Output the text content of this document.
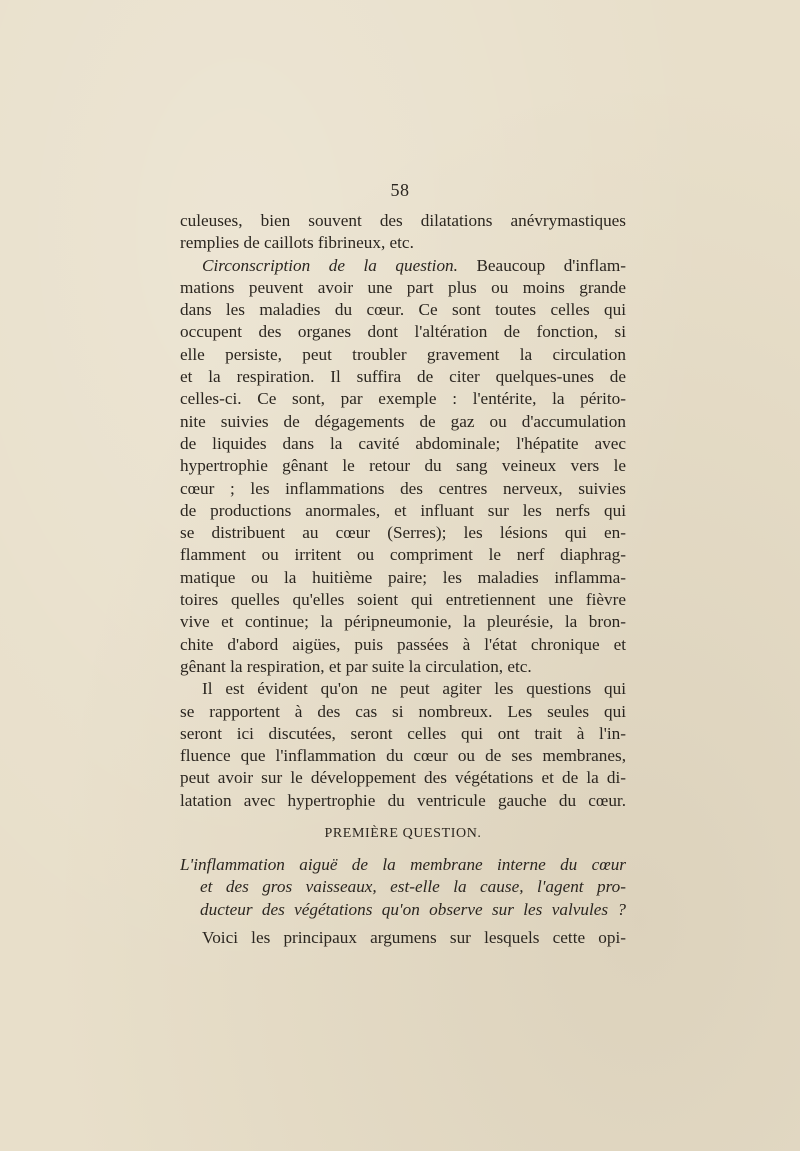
58
culeuses, bien souvent des dilatations anévrymastiques
remplies de caillots fibrineux, etc.
Circonscription de la question. Beaucoup d'inflam-
mations peuvent avoir une part plus ou moins grande
dans les maladies du cœur. Ce sont toutes celles qui
occupent des organes dont l'altération de fonction, si
elle persiste, peut troubler gravement la circulation
et la respiration. Il suffira de citer quelques-unes de
celles-ci. Ce sont, par exemple : l'entérite, la périto-
nite suivies de dégagements de gaz ou d'accumulation
de liquides dans la cavité abdominale; l'hépatite avec
hypertrophie gênant le retour du sang veineux vers le
cœur ; les inflammations des centres nerveux, suivies
de productions anormales, et influant sur les nerfs qui
se distribuent au cœur (Serres); les lésions qui en-
flamment ou irritent ou compriment le nerf diaphrag-
matique ou la huitième paire; les maladies inflamma-
toires quelles qu'elles soient qui entretiennent une fièvre
vive et continue; la péripneumonie, la pleurésie, la bron-
chite d'abord aigües, puis passées à l'état chronique et
gênant la respiration, et par suite la circulation, etc.
Il est évident qu'on ne peut agiter les questions qui
se rapportent à des cas si nombreux. Les seules qui
seront ici discutées, seront celles qui ont trait à l'in-
fluence que l'inflammation du cœur ou de ses membranes,
peut avoir sur le développement des végétations et de la di-
latation avec hypertrophie du ventricule gauche du cœur.
PREMIÈRE QUESTION.
L'inflammation aiguë de la membrane interne du cœur
et des gros vaisseaux, est-elle la cause, l'agent pro-
ducteur des végétations qu'on observe sur les valvules ?
Voici les principaux argumens sur lesquels cette opi-
